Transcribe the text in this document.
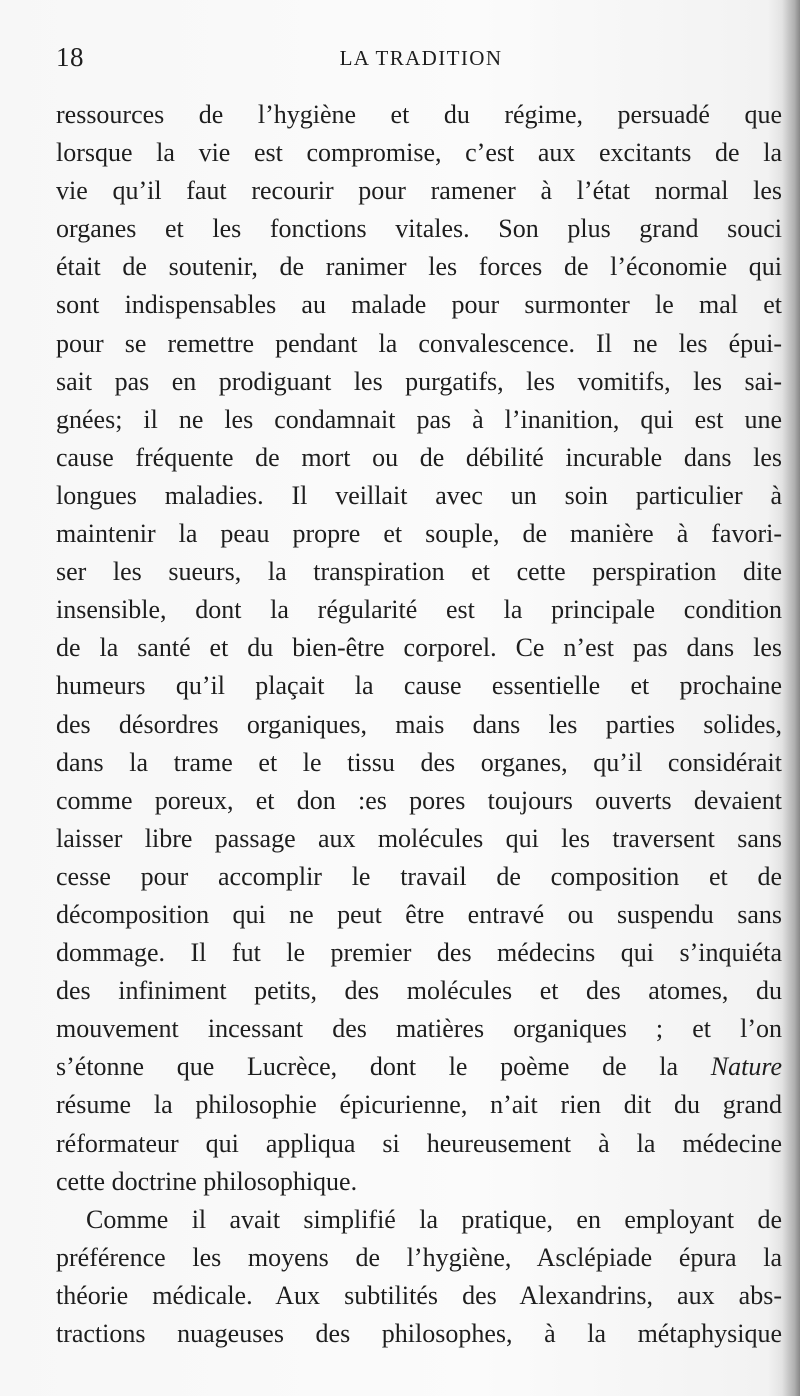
18	LA TRADITION
ressources de l’hygiène et du régime, persuadé que
lorsque la vie est compromise, c’est aux excitants de la
vie qu’il faut recourir pour ramener à l’état normal les
organes et les fonctions vitales. Son plus grand souci
était de soutenir, de ranimer les forces de l’économie qui
sont indispensables au malade pour surmonter le mal et
pour se remettre pendant la convalescence. Il ne les épui-
sait pas en prodiguant les purgatifs, les vomitifs, les sai-
gnées; il ne les condamnait pas à l’inanition, qui est une
cause fréquente de mort ou de débilité incurable dans les
longues maladies. Il veillait avec un soin particulier à
maintenir la peau propre et souple, de manière à favori-
ser les sueurs, la transpiration et cette perspiration dite
insensible, dont la régularité est la principale condition
de la santé et du bien-être corporel. Ce n’est pas dans les
humeurs qu’il plaçait la cause essentielle et prochaine
des désordres organiques, mais dans les parties solides,
dans la trame et le tissu des organes, qu’il considérait
comme poreux, et don :es pores toujours ouverts devaient
laisser libre passage aux molécules qui les traversent sans
cesse pour accomplir le travail de composition et de
décomposition qui ne peut être entravé ou suspendu sans
dommage. Il fut le premier des médecins qui s’inquiéta
des infiniment petits, des molécules et des atomes, du
mouvement incessant des matières organiques ; et l’on
s’étonne que Lucrèce, dont le poème de la Nature
résume la philosophie épicurienne, n’ait rien dit du grand
réformateur qui appliqua si heureusement à la médecine
cette doctrine philosophique.
Comme il avait simplifié la pratique, en employant de
préférence les moyens de l’hygiène, Asclépiade épura la
théorie médicale. Aux subtilités des Alexandrins, aux abs-
tractions nuageuses des philosophes, à la métaphysique
